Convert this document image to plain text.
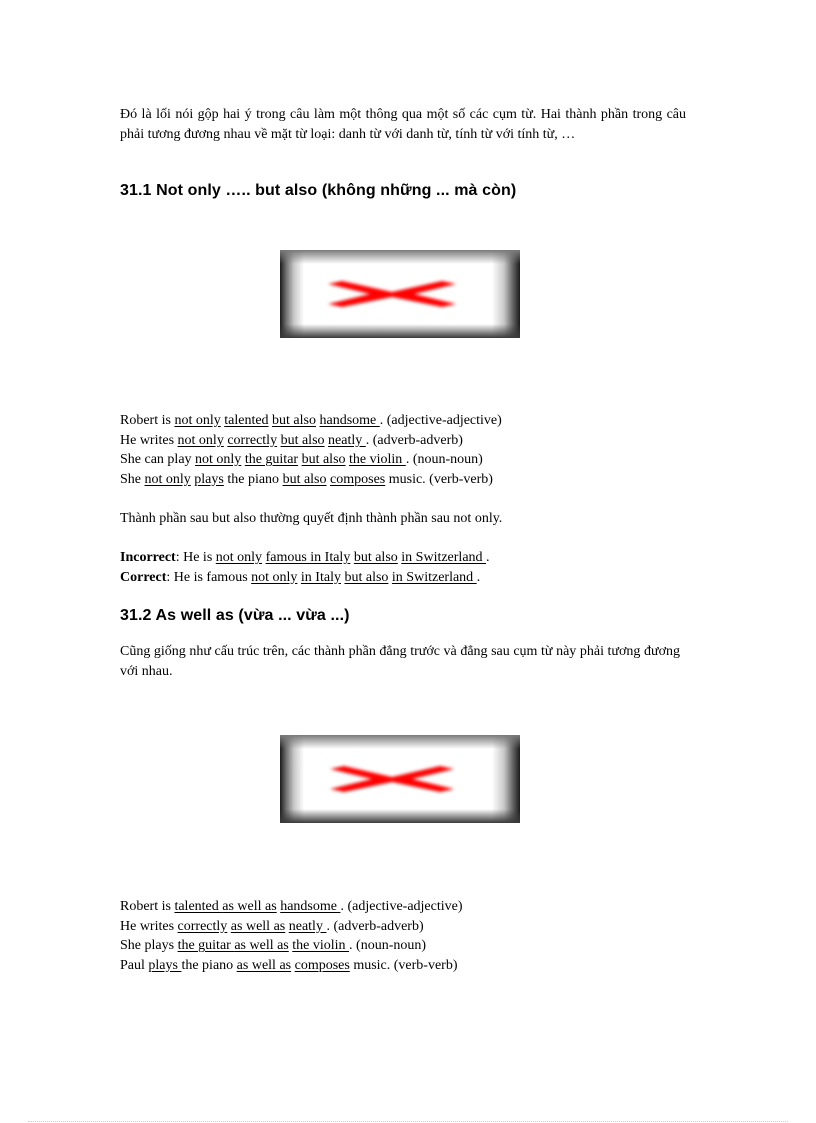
Đó là lối nói gộp hai ý trong câu làm một thông qua một số các cụm từ. Hai thành phần trong câu phải tương đương nhau về mặt từ loại: danh từ với danh từ, tính từ với tính từ, …
31.1 Not only ….. but also (không những ... mà còn)
Robert is not only talented but also handsome . (adjective-adjective)
He writes not only correctly but also neatly . (adverb-adverb)
She can play not only the guitar but also the violin . (noun-noun)
She not only plays the piano but also composes music. (verb-verb)
Thành phần sau but also thường quyết định thành phần sau not only.
Incorrect: He is not only famous in Italy but also in Switzerland .
Correct: He is famous not only in Italy but also in Switzerland .
31.2 As well as (vừa ... vừa ...)
Cũng giống như cấu trúc trên, các thành phần đẳng trước và đẳng sau cụm từ này phải tương đương với nhau.
Robert is talented as well as handsome . (adjective-adjective)
He writes correctly as well as neatly . (adverb-adverb)
She plays the guitar as well as the violin . (noun-noun)
Paul plays the piano as well as composes music. (verb-verb)
